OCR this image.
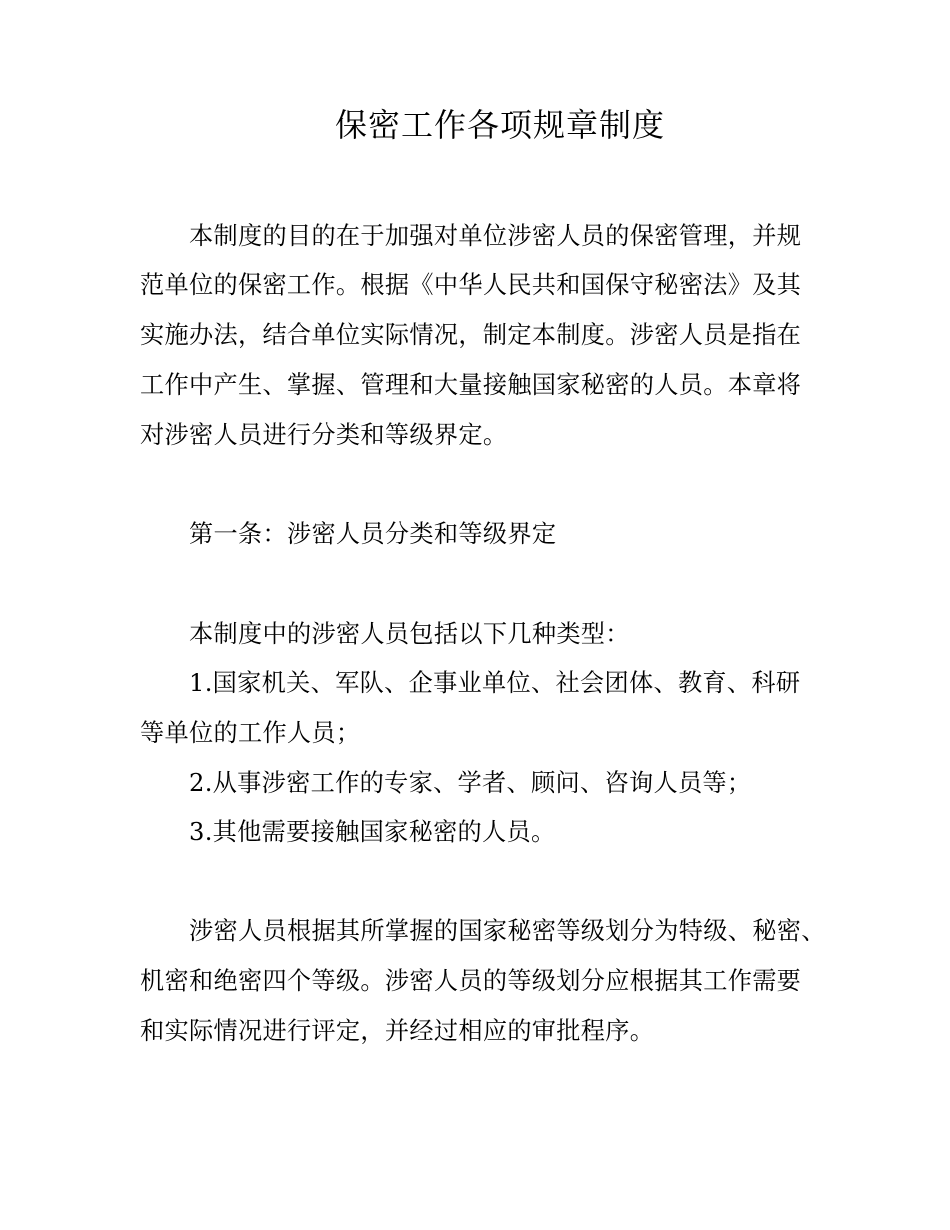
保密工作各项规章制度
本制度的目的在于加强对单位涉密人员的保密管理，并规
范单位的保密工作。根据《中华人民共和国保守秘密法》及其
实施办法，结合单位实际情况，制定本制度。涉密人员是指在
工作中产生、掌握、管理和大量接触国家秘密的人员。本章将
对涉密人员进行分类和等级界定。
第一条：涉密人员分类和等级界定
本制度中的涉密人员包括以下几种类型：
1.国家机关、军队、企事业单位、社会团体、教育、科研
等单位的工作人员；
2.从事涉密工作的专家、学者、顾问、咨询人员等；
3.其他需要接触国家秘密的人员。
涉密人员根据其所掌握的国家秘密等级划分为特级、秘密、
机密和绝密四个等级。涉密人员的等级划分应根据其工作需要
和实际情况进行评定，并经过相应的审批程序。
